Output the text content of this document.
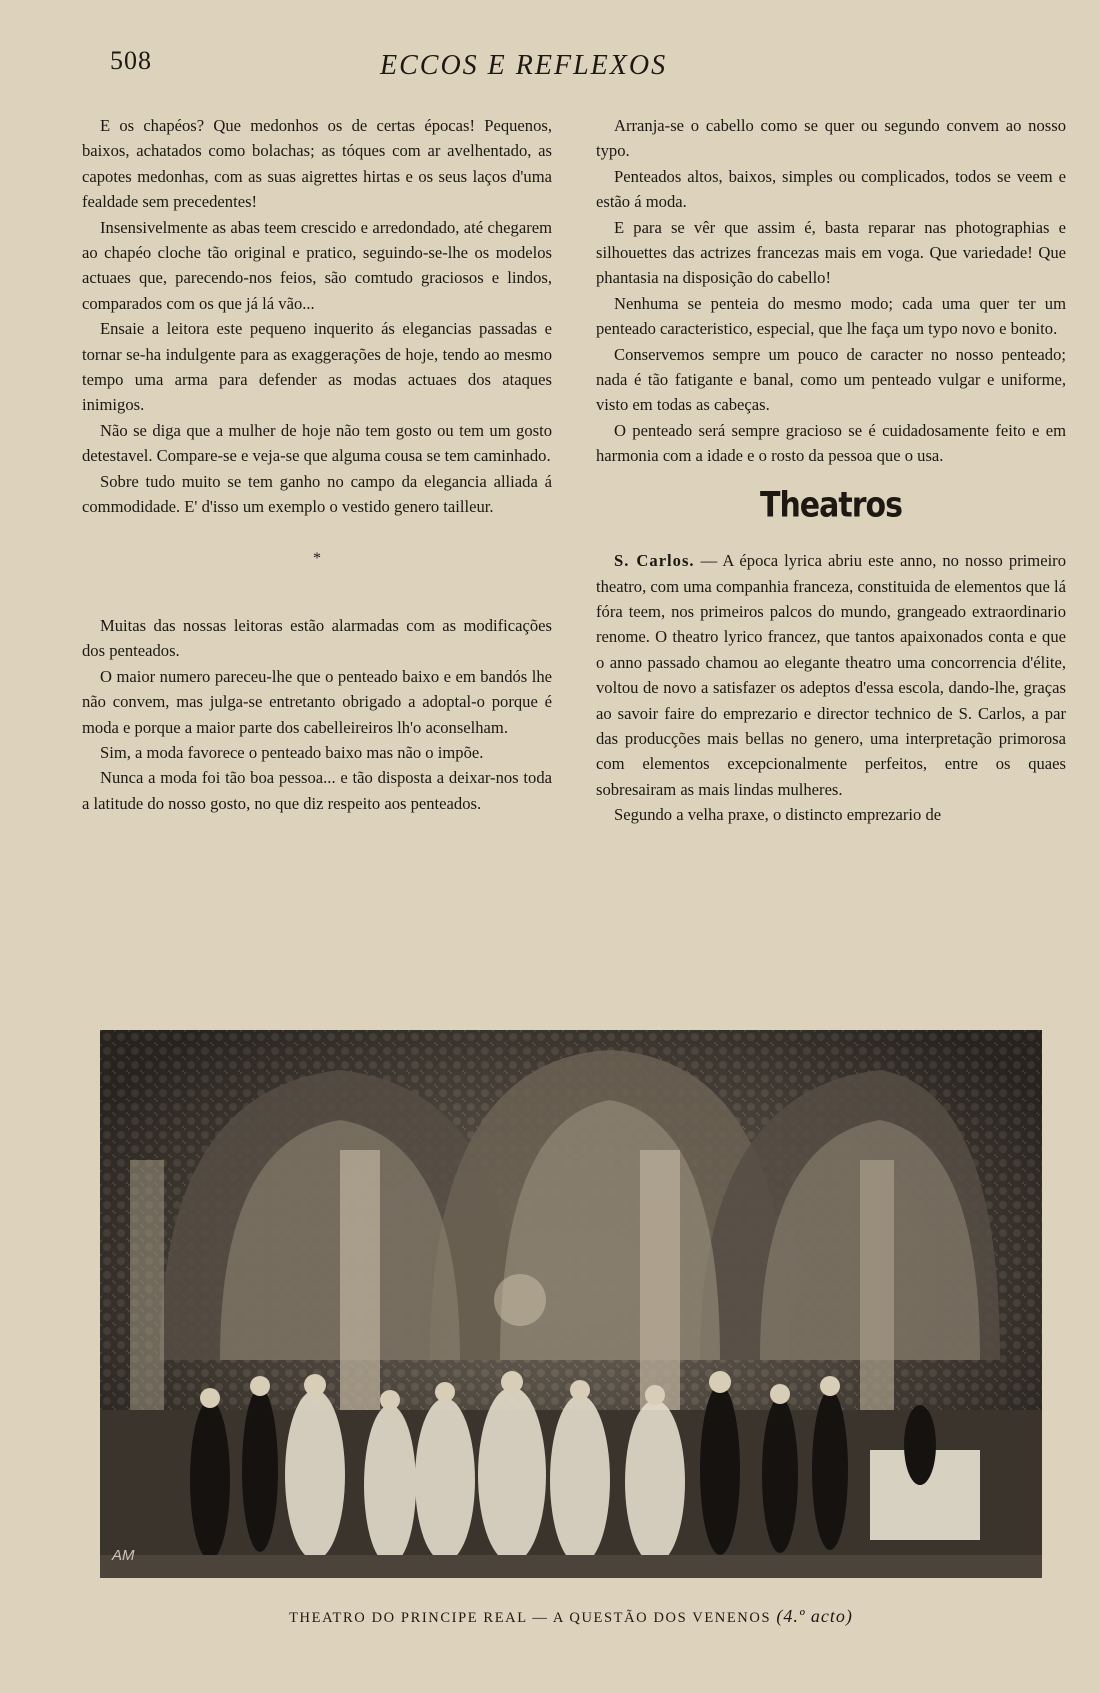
508	ECCOS E REFLEXOS

E os chapéos? Que medonhos os de certas épocas! Pequenos, baixos, achatados como bolachas; as tóques com ar avelhentado, as capotes medonhas, com as suas aigrettes hirtas e os seus laços d'uma fealdade sem precedentes!

Insensivelmente as abas teem crescido e arredondado, até chegarem ao chapéo cloche tão original e pratico, seguindo-se-lhe os modelos actuaes que, parecendo-nos feios, são comtudo graciosos e lindos, comparados com os que já lá vão...

Ensaie a leitora este pequeno inquerito ás elegancias passadas e tornar se-ha indulgente para as exaggerações de hoje, tendo ao mesmo tempo uma arma para defender as modas actuaes dos ataques inimigos.

Não se diga que a mulher de hoje não tem gosto ou tem um gosto detestavel. Compare-se e veja-se que alguma cousa se tem caminhado.

Sobre tudo muito se tem ganho no campo da elegancia alliada á commodidade. E' d'isso um exemplo o vestido genero tailleur.

*

Muitas das nossas leitoras estão alarmadas com as modificações dos penteados.

O maior numero pareceu-lhe que o penteado baixo e em bandós lhe não convem, mas julga-se entretanto obrigado a adoptal-o porque é moda e porque a maior parte dos cabelleireiros lh'o aconselham.

Sim, a moda favorece o penteado baixo mas não o impõe.

Nunca a moda foi tão boa pessoa... e tão disposta a deixar-nos toda a latitude do nosso gosto, no que diz respeito aos penteados.

Arranja-se o cabello como se quer ou segundo convem ao nosso typo.

Penteados altos, baixos, simples ou complicados, todos se veem e estão á moda.

E para se vêr que assim é, basta reparar nas photographias e silhouettes das actrizes francezas mais em voga. Que variedade! Que phantasia na disposição do cabello!

Nenhuma se penteia do mesmo modo; cada uma quer ter um penteado caracteristico, especial, que lhe faça um typo novo e bonito.

Conservemos sempre um pouco de caracter no nosso penteado; nada é tão fatigante e banal, como um penteado vulgar e uniforme, visto em todas as cabeças.

O penteado será sempre gracioso se é cuidadosamente feito e em harmonia com a idade e o rosto da pessoa que o usa.

Theatros

S. Carlos. — A época lyrica abriu este anno, no nosso primeiro theatro, com uma companhia franceza, constituida de elementos que lá fóra teem, nos primeiros palcos do mundo, grangeado extraordinario renome. O theatro lyrico francez, que tantos apaixonados conta e que o anno passado chamou ao elegante theatro uma concorrencia d'élite, voltou de novo a satisfazer os adeptos d'essa escola, dando-lhe, graças ao savoir faire do emprezario e director technico de S. Carlos, a par das producções mais bellas no genero, uma interpretação primorosa com elementos excepcionalmente perfeitos, entre os quaes sobresairam as mais lindas mulheres.

Segundo a velha praxe, o distincto emprezario de

AM
THEATRO DO PRINCIPE REAL — A QUESTÃO DOS VENENOS (4.º acto)
